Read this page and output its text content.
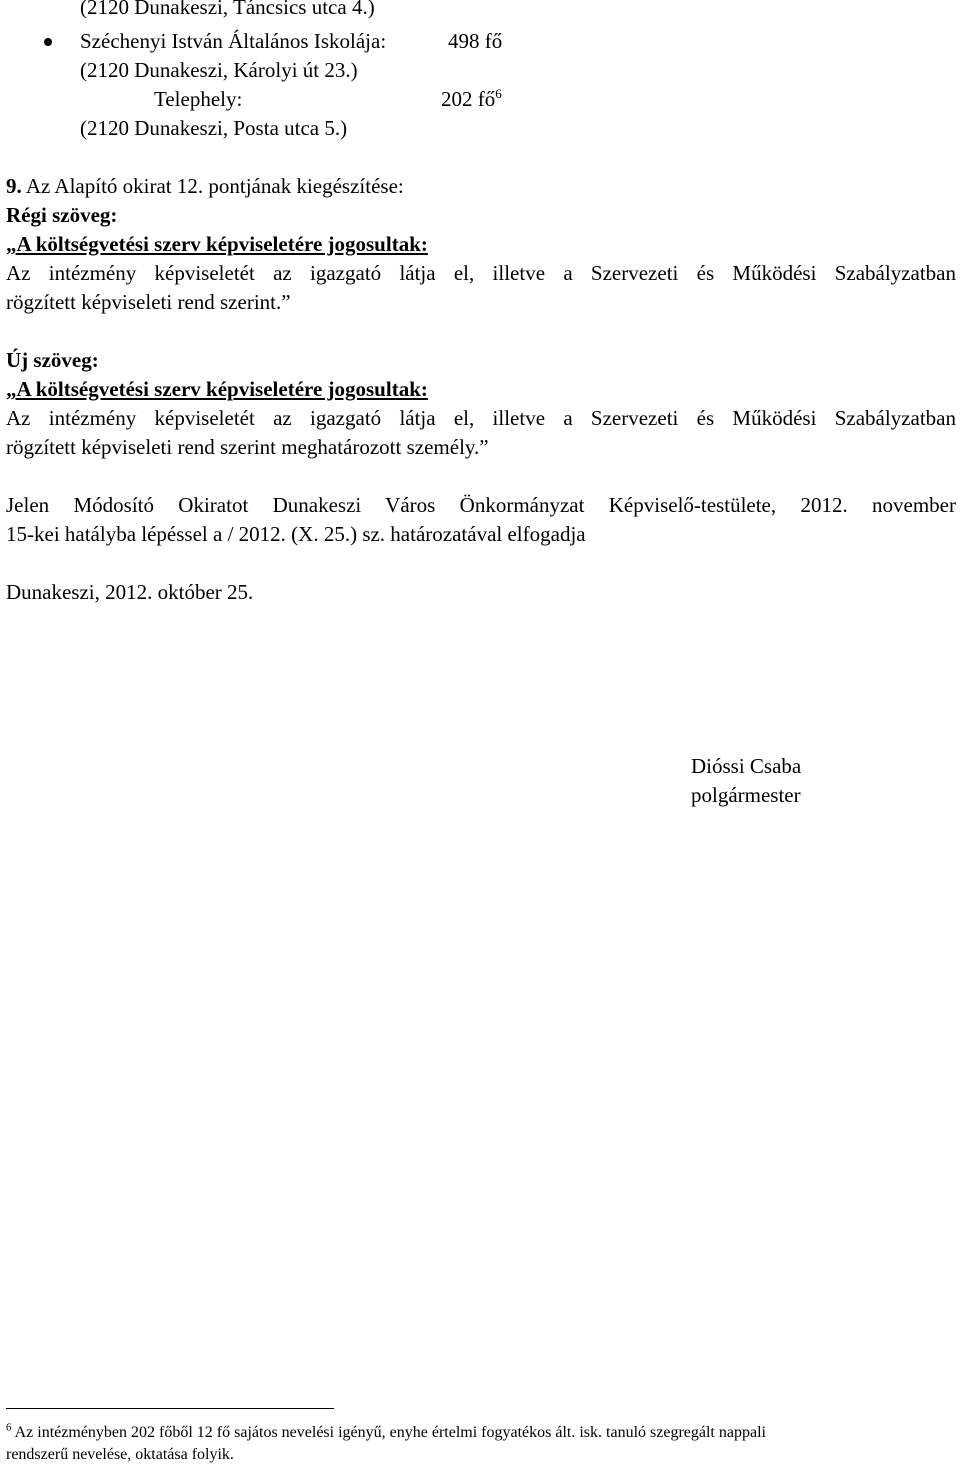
(2120 Dunakeszi, Táncsics utca 4.)
Széchenyi István Általános Iskolája:	498 fő
(2120 Dunakeszi, Károlyi út 23.)
Telephely:	202 $fő^6$
(2120 Dunakeszi, Posta utca 5.)
9. Az Alapító okirat 12. pontjának kiegészítése:
Régi szöveg:
„A költségvetési szerv képviseletére jogosultak:
Az intézmény képviseletét az igazgató látja el, illetve a Szervezeti és Működési Szabályzatban
rögzített képviseleti rend szerint.”
Új szöveg:
„A költségvetési szerv képviseletére jogosultak:
Az intézmény képviseletét az igazgató látja el, illetve a Szervezeti és Működési Szabályzatban
rögzített képviseleti rend szerint meghatározott személy.”
Jelen Módosító Okiratot Dunakeszi Város Önkormányzat Képviselő-testülete, 2012. november
15-kei hatályba lépéssel a / 2012. (X. 25.) sz. határozatával elfogadja
Dunakeszi, 2012. október 25.
Dióssi Csaba
polgármester
$^6$ Az intézményben 202 főből 12 fő sajátos nevelési igényű, enyhe értelmi fogyatékos ált. isk. tanuló szegregált nappali
rendszerű nevelése, oktatása folyik.
